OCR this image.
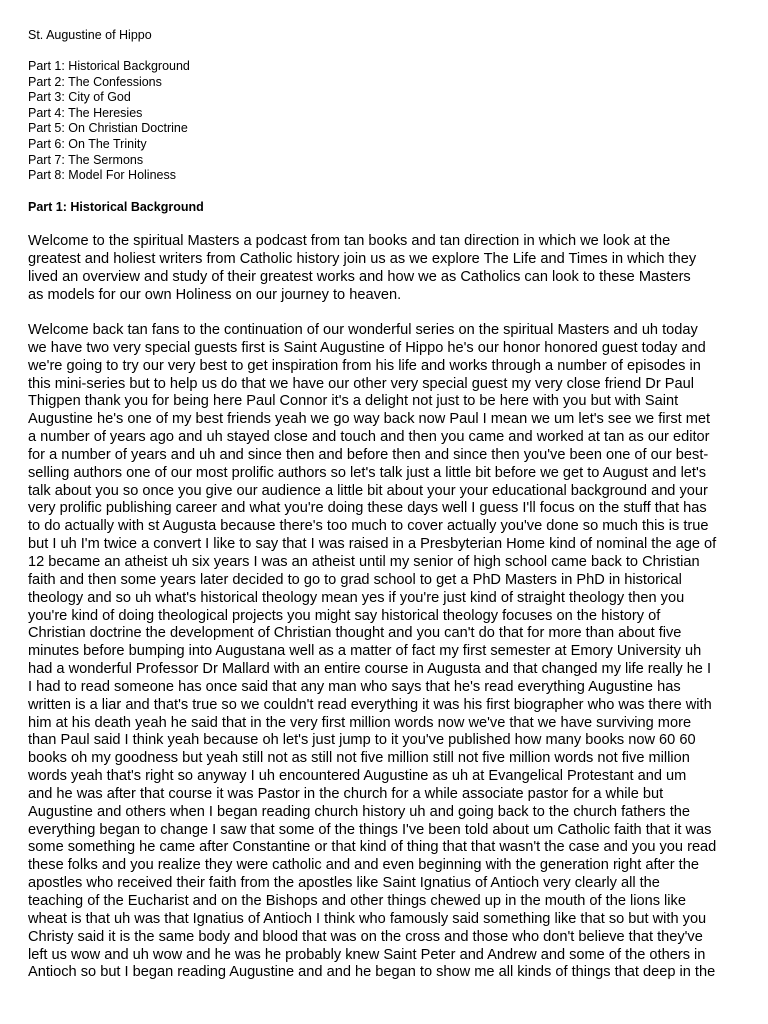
St. Augustine of Hippo
Part 1: Historical Background
Part 2: The Confessions
Part 3: City of God
Part 4: The Heresies
Part 5: On Christian Doctrine
Part 6: On The Trinity
Part 7: The Sermons
Part 8: Model For Holiness
Part 1: Historical Background

Welcome to the spiritual Masters a podcast from tan books and tan direction in which we look at the
greatest and holiest writers from Catholic history join us as we explore The Life and Times in which they
lived an overview and study of their greatest works and how we as Catholics can look to these Masters
as models for our own Holiness on our journey to heaven.

Welcome back tan fans to the continuation of our wonderful series on the spiritual Masters and uh today
we have two very special guests first is Saint Augustine of Hippo he's our honor honored guest today and
we're going to try our very best to get inspiration from his life and works through a number of episodes in
this mini-series but to help us do that we have our other very special guest my very close friend Dr Paul
Thigpen thank you for being here Paul Connor it's a delight not just to be here with you but with Saint
Augustine he's one of my best friends yeah we go way back now Paul I mean we um let's see we first met
a number of years ago and uh stayed close and touch and then you came and worked at tan as our editor
for a number of years and uh and since then and before then and since then you've been one of our best-
selling authors one of our most prolific authors so let's talk just a little bit before we get to August and let's
talk about you so once you give our audience a little bit about your your educational background and your
very prolific publishing career and what you're doing these days well I guess I'll focus on the stuff that has
to do actually with st Augusta because there's too much to cover actually you've done so much this is true
but I uh I'm twice a convert I like to say that I was raised in a Presbyterian Home kind of nominal the age of
12 became an atheist uh six years I was an atheist until my senior of high school came back to Christian
faith and then some years later decided to go to grad school to get a PhD Masters in PhD in historical
theology and so uh what's historical theology mean yes if you're just kind of straight theology then you
you're kind of doing theological projects you might say historical theology focuses on the history of
Christian doctrine the development of Christian thought and you can't do that for more than about five
minutes before bumping into Augustana well as a matter of fact my first semester at Emory University uh
had a wonderful Professor Dr Mallard with an entire course in Augusta and that changed my life really he I
I had to read someone has once said that any man who says that he's read everything Augustine has
written is a liar and that's true so we couldn't read everything it was his first biographer who was there with
him at his death yeah he said that in the very first million words now we've that we have surviving more
than Paul said I think yeah because oh let's just jump to it you've published how many books now 60 60
books oh my goodness but yeah still not as still not five million still not five million words not five million
words yeah that's right so anyway I uh encountered Augustine as uh at Evangelical Protestant and um
and he was after that course it was Pastor in the church for a while associate pastor for a while but
Augustine and others when I began reading church history uh and going back to the church fathers the
everything began to change I saw that some of the things I've been told about um Catholic faith that it was
some something he came after Constantine or that kind of thing that that wasn't the case and you you read
these folks and you realize they were catholic and and even beginning with the generation right after the
apostles who received their faith from the apostles like Saint Ignatius of Antioch very clearly all the
teaching of the Eucharist and on the Bishops and other things chewed up in the mouth of the lions like
wheat is that uh was that Ignatius of Antioch I think who famously said something like that so but with you
Christy said it is the same body and blood that was on the cross and those who don't believe that they've
left us wow and uh wow and he was he probably knew Saint Peter and Andrew and some of the others in
Antioch so but I began reading Augustine and and he began to show me all kinds of things that deep in the
